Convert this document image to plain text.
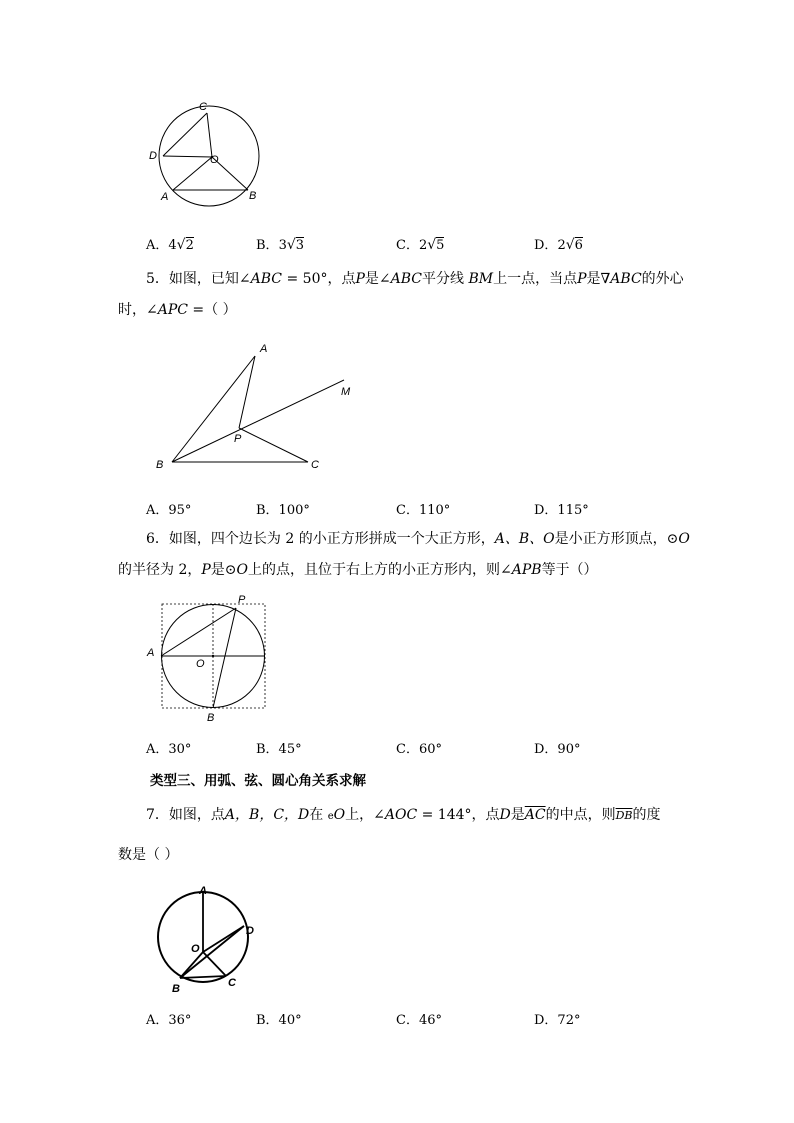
C
D	O
A	B
A．4√2	B．3√3	C．2√5	D．2√6
5．如图，已知∠ABC = 50°，点P是∠ABC平分线 BM上一点，当点P是∇ABC的外心
时，∠APC =（ ）
A
M
P
B	C
A．95°	B．100°	C．110°	D．115°
6．如图，四个边长为 2 的小正方形拼成一个大正方形，A、B、O是小正方形顶点，⊙O
的半径为 2，P是⊙O上的点，且位于右上方的小正方形内，则∠APB等于（）
P
A
O
B
A．30°	B．45°	C．60°	D．90°
类型三、用弧、弦、圆心角关系求解
7．如图，点A，B，C，D在 eO上，∠AOC = 144°，点D是$\overline{AC}$的中点，则$\overline{DB}$的度
数是（ ）
A
D
O
B	C
A．36°	B．40°	C．46°	D．72°
